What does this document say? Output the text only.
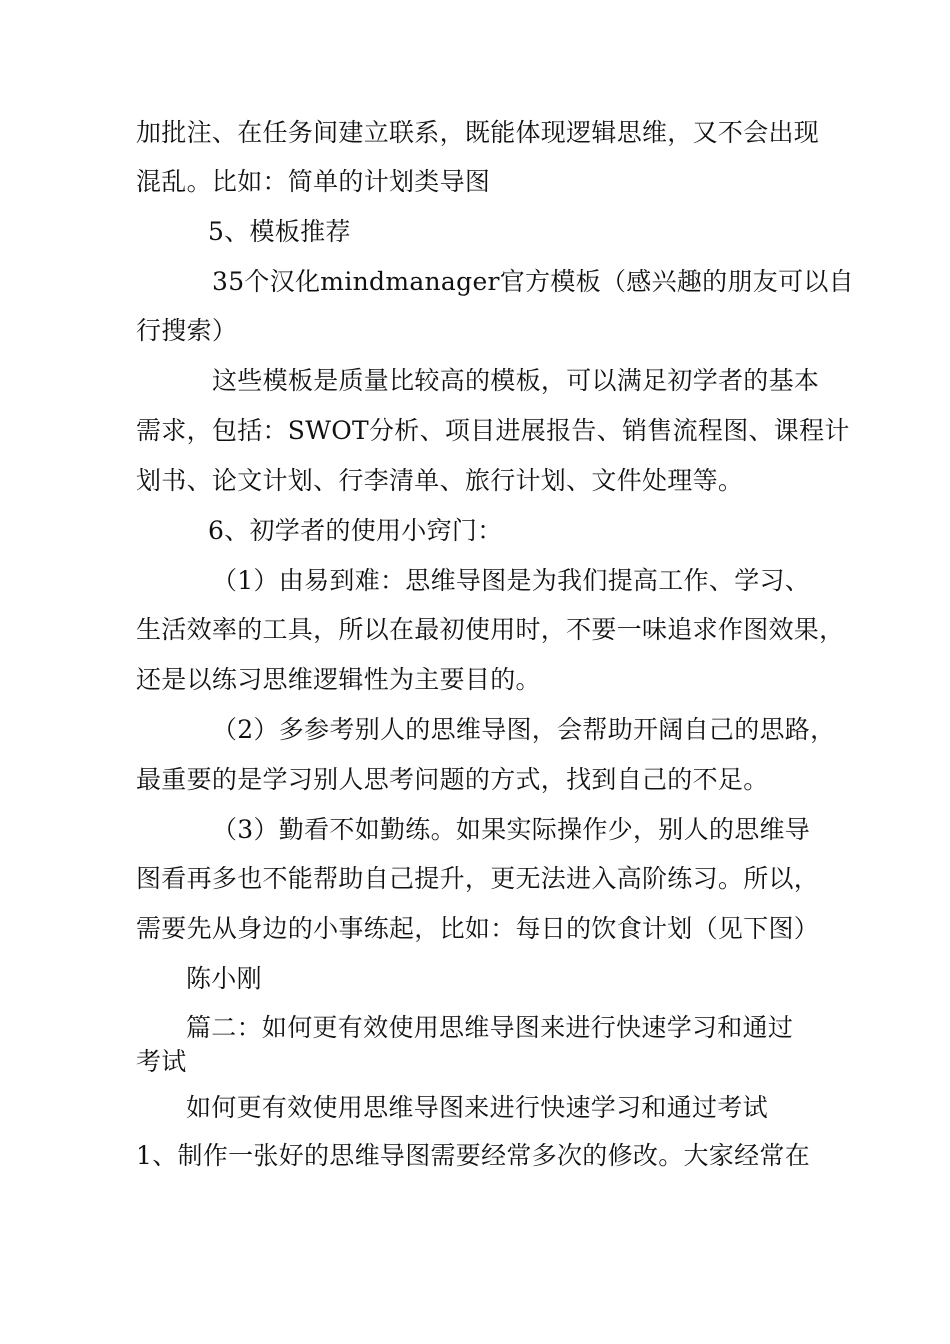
加批注、在任务间建立联系，既能体现逻辑思维，又不会出现
混乱。比如：简单的计划类导图
5、模板推荐
35个汉化mindmanager官方模板（感兴趣的朋友可以自
行搜索）
这些模板是质量比较高的模板，可以满足初学者的基本
需求，包括：SWOT分析、项目进展报告、销售流程图、课程计
划书、论文计划、行李清单、旅行计划、文件处理等。
6、初学者的使用小窍门：
（1）由易到难：思维导图是为我们提高工作、学习、
生活效率的工具，所以在最初使用时，不要一味追求作图效果，
还是以练习思维逻辑性为主要目的。
（2）多参考别人的思维导图，会帮助开阔自己的思路，
最重要的是学习别人思考问题的方式，找到自己的不足。
（3）勤看不如勤练。如果实际操作少，别人的思维导
图看再多也不能帮助自己提升，更无法进入高阶练习。所以，
需要先从身边的小事练起，比如：每日的饮食计划（见下图）
陈小刚
篇二：如何更有效使用思维导图来进行快速学习和通过
考试
如何更有效使用思维导图来进行快速学习和通过考试
1、制作一张好的思维导图需要经常多次的修改。大家经常在
